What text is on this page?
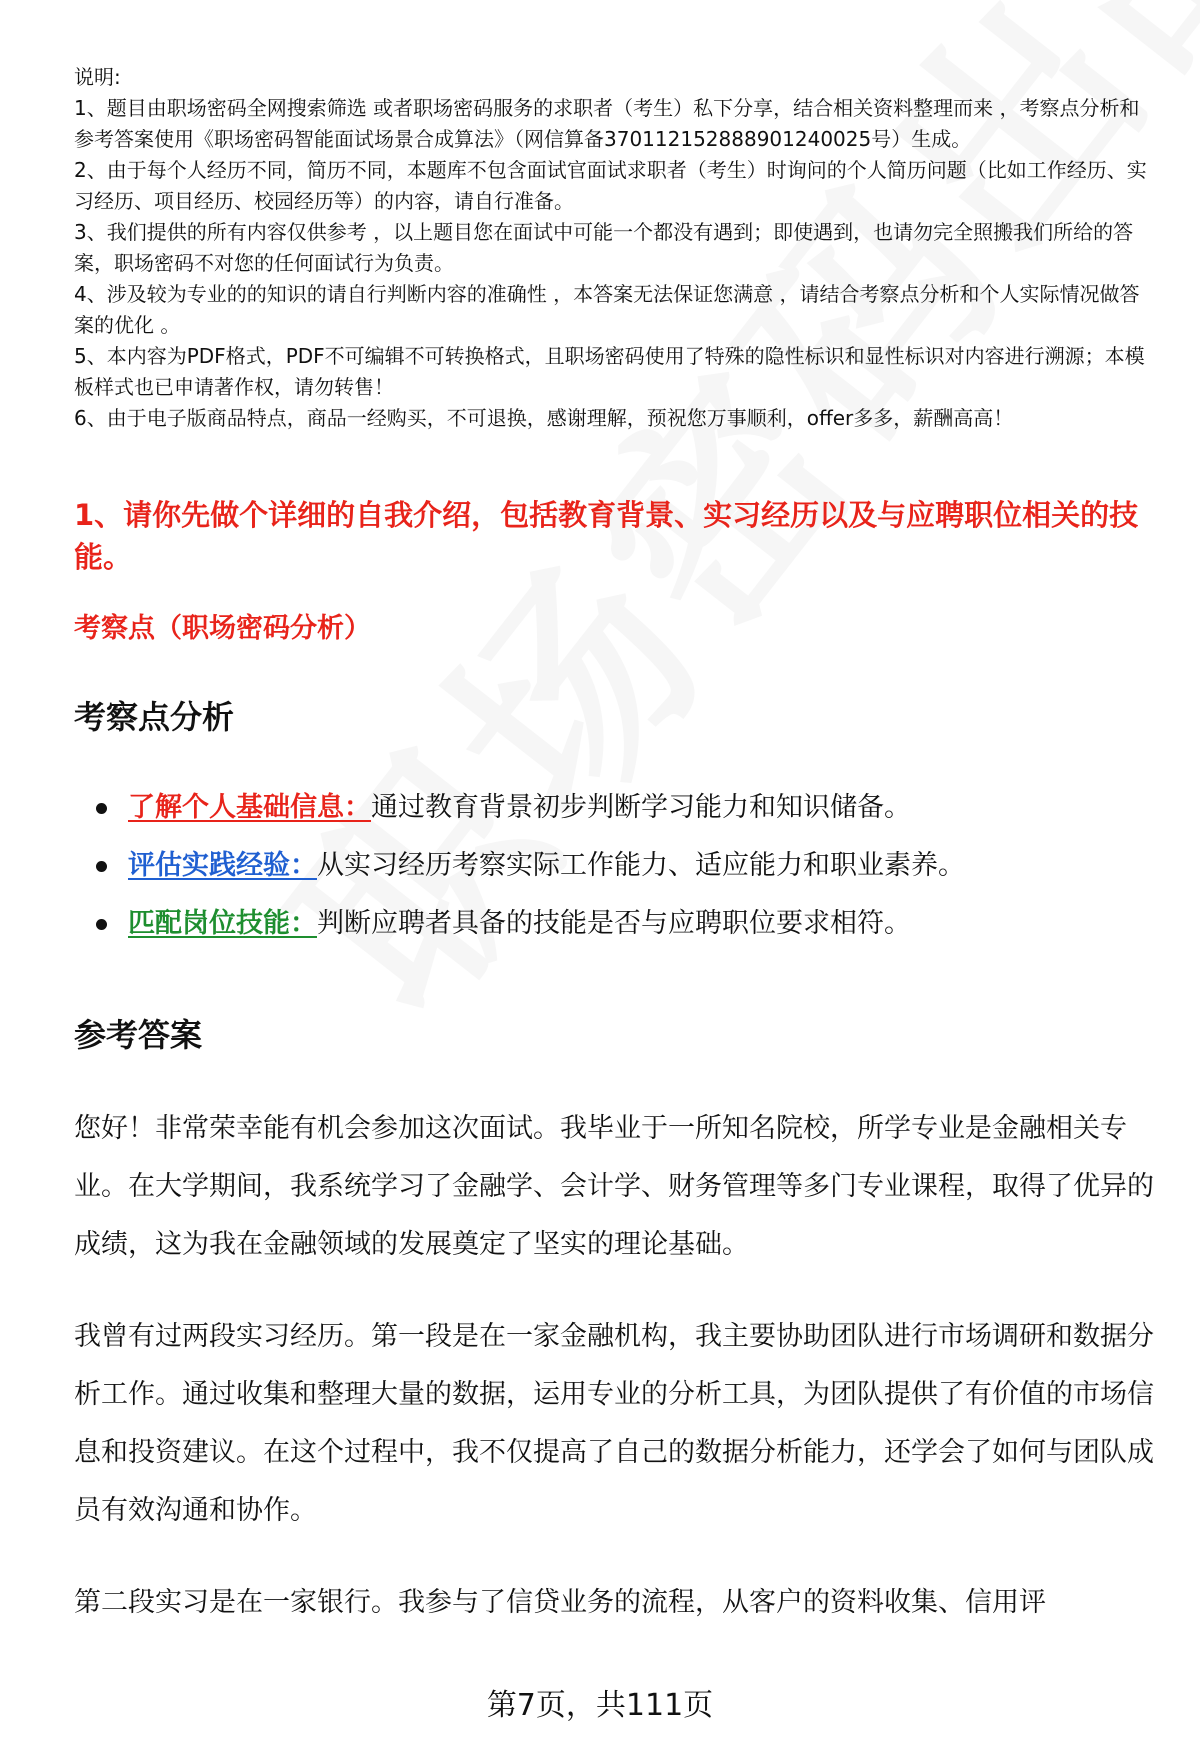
说明:

1、题目由职场密码全网搜索筛选 或者职场密码服务的求职者（考生）私下分享，结合相关资料整理而来 ，考察点分析和参考答案使用《职场密码智能面试场景合成算法》（网信算备370112152888901240025号）生成。

2、由于每个人经历不同，简历不同，本题库不包含面试官面试求职者（考生）时询问的个人简历问题（比如工作经历、实习经历、项目经历、校园经历等）的内容，请自行准备。

3、我们提供的所有内容仅供参考 ，以上题目您在面试中可能一个都没有遇到；即使遇到，也请勿完全照搬我们所给的答案，职场密码不对您的任何面试行为负责。

4、涉及较为专业的的知识的请自行判断内容的准确性 ，本答案无法保证您满意 ，请结合考察点分析和个人实际情况做答案的优化 。

5、本内容为PDF格式，PDF不可编辑不可转换格式，且职场密码使用了特殊的隐性标识和显性标识对内容进行溯源；本模板样式也已申请著作权，请勿转售！

6、由于电子版商品特点，商品一经购买，不可退换，感谢理解，预祝您万事顺利，offer多多，薪酬高高！

1、请你先做个详细的自我介绍，包括教育背景、实习经历以及与应聘职位相关的技能。
考察点（职场密码分析）
考察点分析
了解个人基础信息：通过教育背景初步判断学习能力和知识储备。
评估实践经验：从实习经历考察实际工作能力、适应能力和职业素养。
匹配岗位技能：判断应聘者具备的技能是否与应聘职位要求相符。
参考答案

您好！非常荣幸能有机会参加这次面试。我毕业于一所知名院校，所学专业是金融相关专业。在大学期间，我系统学习了金融学、会计学、财务管理等多门专业课程，取得了优异的成绩，这为我在金融领域的发展奠定了坚实的理论基础。

我曾有过两段实习经历。第一段是在一家金融机构，我主要协助团队进行市场调研和数据分析工作。通过收集和整理大量的数据，运用专业的分析工具，为团队提供了有价值的市场信息和投资建议。在这个过程中，我不仅提高了自己的数据分析能力，还学会了如何与团队成员有效沟通和协作。

第二段实习是在一家银行。我参与了信贷业务的流程，从客户的资料收集、信用评

第7页，共111页
